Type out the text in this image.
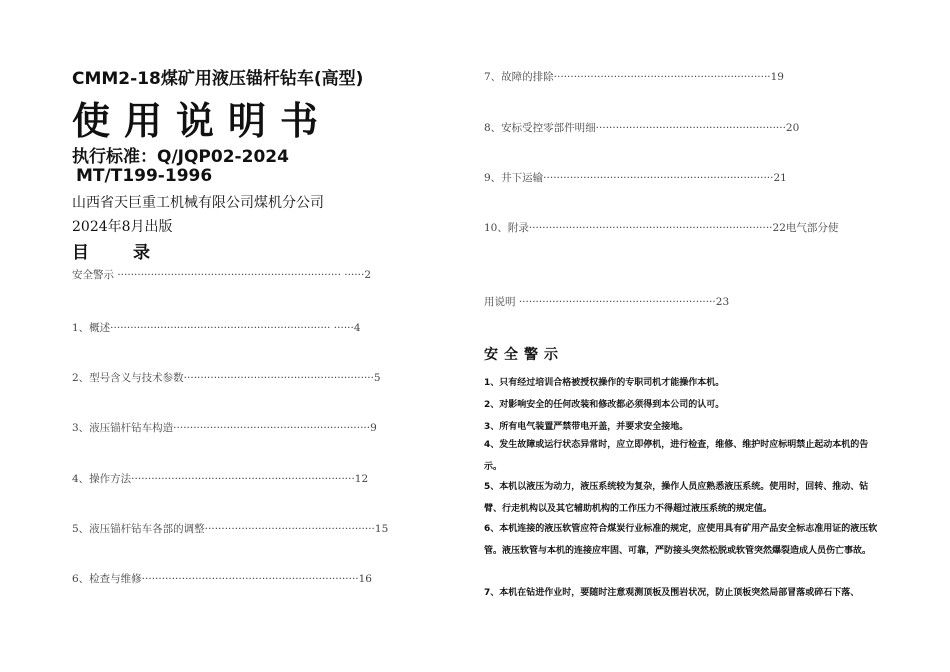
CMM2-18煤矿用液压锚杆钻车(高型)
使用说明书
执行标准：Q/JQP02-2024
MT/T199-1996
山西省天巨重工机械有限公司煤机分公司
2024年8月出版
目 录
安全警示 ··································································· ······2
1、概述·································································· ······4
2、型号含义与技术参数·························································5
3、液压锚杆钻车构造···························································9
4、操作方法···································································12
5、液压锚杆钻车各部的调整···················································15
6、检查与维修·································································16
7、故障的排除·································································19
8、安标受控零部件明细·························································20
9、井下运输·····································································21
10、附录·········································································22电气部分使
用说明 ···························································23
安全警示
1、只有经过培训合格被授权操作的专职司机才能操作本机。
2、对影响安全的任何改装和修改都必须得到本公司的认可。
3、所有电气装置严禁带电开盖，并要求安全接地。
4、发生故障或运行状态异常时，应立即停机，进行检查，维修、维护时应标明禁止起动本机的告示。
5、本机以液压为动力，液压系统较为复杂，操作人员应熟悉液压系统。使用时，回转、推动、钻臂、行走机构以及其它辅助机构的工作压力不得超过液压系统的规定值。
6、本机连接的液压软管应符合煤炭行业标准的规定，应使用具有矿用产品安全标志准用证的液压软管。液压软管与本机的连接应牢固、可靠，严防接头突然松脱或软管突然爆裂造成人员伤亡事故。
7、本机在钻进作业时，要随时注意观测顶板及围岩状况，防止顶板突然局部冒落或碎石下落、
